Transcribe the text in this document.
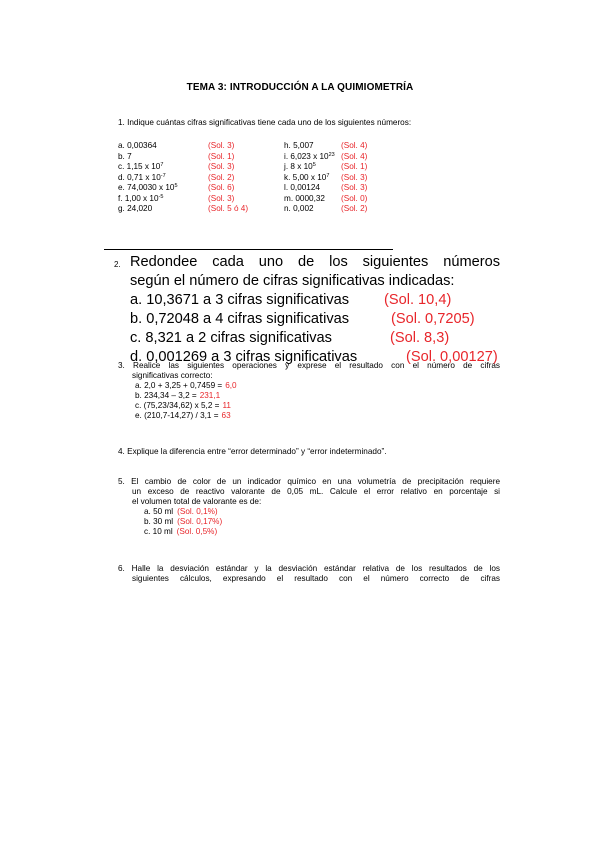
TEMA 3: INTRODUCCIÓN A LA QUIMIOMETRÍA
1. Indique cuántas cifras significativas tiene cada uno de los siguientes números:
a. 0,00364	(Sol. 3)	h. 5,007	(Sol. 4)
b. 7	(Sol. 1)	i. 6,023 x $10^{23}$ (Sol. 4)
c. 1,15 x $10^7$	(Sol. 3)	j. 8 x $10^5$	(Sol. 1)
d. 0,71 x $10^{-7}$	(Sol. 2)	k. 5,00 x $10^7$ (Sol. 3)
e. 74,0030 x $10^5$	(Sol. 6)	l. 0,00124	(Sol. 3)
f. 1,00 x $10^{-5}$	(Sol. 3)	m. 0000,32 (Sol. 0)
g. 24,020	(Sol. 5 ó 4)	n. 0,002	(Sol. 2)
2. Redondee cada uno de los siguientes números
según el número de cifras significativas indicadas:
a. 10,3671 a 3 cifras significativas (Sol. 10,4)
b. 0,72048 a 4 cifras significativas	(Sol. 0,7205)
c. 8,321 a 2 cifras significativas	(Sol. 8,3)
d. 0,001269 a 3 cifras significativas	(Sol. 0,00127)
3. Realice las siguientes operaciones y exprese el resultado con el número de cifras
significativas correcto:
a. 2,0 + 3,25 + 0,7459 = 6,0
b. 234,34 – 3,2 = 231,1
c. (75,23/34,62) x 5,2 = 11
e. (210,7-14,27) / 3,1 = 63
4. Explique la diferencia entre “error determinado” y “error indeterminado”.
5. El cambio de color de un indicador químico en una volumetría de precipitación requiere
un exceso de reactivo valorante de 0,05 mL. Calcule el error relativo en porcentaje si
el volumen total de valorante es de:
a. 50 ml (Sol. 0,1%)
b. 30 ml (Sol. 0,17%)
c. 10 ml (Sol. 0,5%)
6. Halle la desviación estándar y la desviación estándar relativa de los resultados de los
siguientes cálculos, expresando el resultado con el número correcto de cifras
